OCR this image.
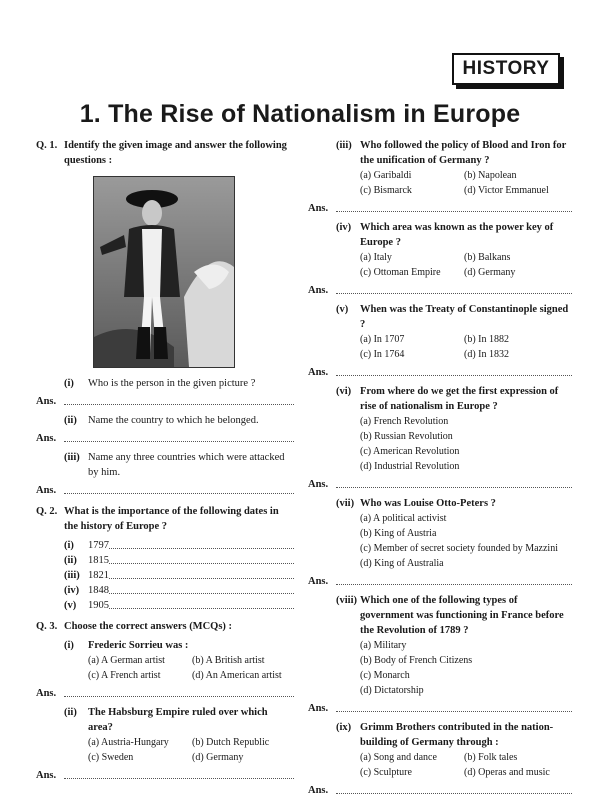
HISTORY
1. The Rise of Nationalism in Europe
Q. 1. Identify the given image and answer the following questions :
(i)	Who is the person in the given picture ?
Ans.
(ii)	Name the country to which he belonged.
Ans.
(iii) Name any three countries which were attacked by him.
Ans.
Q. 2. What is the importance of the following dates in the history of Europe ?
(i)	1797
(ii)	1815
(iii) 1821
(iv) 1848
(v)	1905
Q. 3. Choose the correct answers (MCQs) :
(i)	Frederic Sorrieu was :
(a) A German artist	(b) A British artist
(c) A French artist	(d) An American artist
Ans.
(ii)	The Habsburg Empire ruled over which area?
(a) Austria-Hungary	(b) Dutch Republic
(c) Sweden	(d) Germany
Ans.
(iii) Who followed the policy of Blood and Iron for the unification of Germany ?
(a) Garibaldi	(b) Napolean
(c) Bismarck	(d) Victor Emmanuel
Ans.
(iv) Which area was known as the power key of Europe ?
(a) Italy	(b) Balkans
(c) Ottoman Empire	(d) Germany
Ans.
(v)	When was the Treaty of Constantinople signed ?
(a) In 1707	(b) In 1882
(c) In 1764	(d) In 1832
Ans.
(vi) From where do we get the first expression of rise of nationalism in Europe ?
(a) French Revolution
(b) Russian Revolution
(c) American Revolution
(d) Industrial Revolution
Ans.
(vii) Who was Louise Otto-Peters ?
(a) A political activist
(b) King of Austria
(c) Member of secret society founded by Mazzini
(d) King of Australia
Ans.
(viii) Which one of the following types of government was functioning in France before the Revolution of 1789 ?
(a) Military
(b) Body of French Citizens
(c) Monarch
(d) Dictatorship
Ans.
(ix) Grimm Brothers contributed in the nation-building of Germany through :
(a) Song and dance	(b) Folk tales
(c) Sculpture	(d) Operas and music
Ans.
